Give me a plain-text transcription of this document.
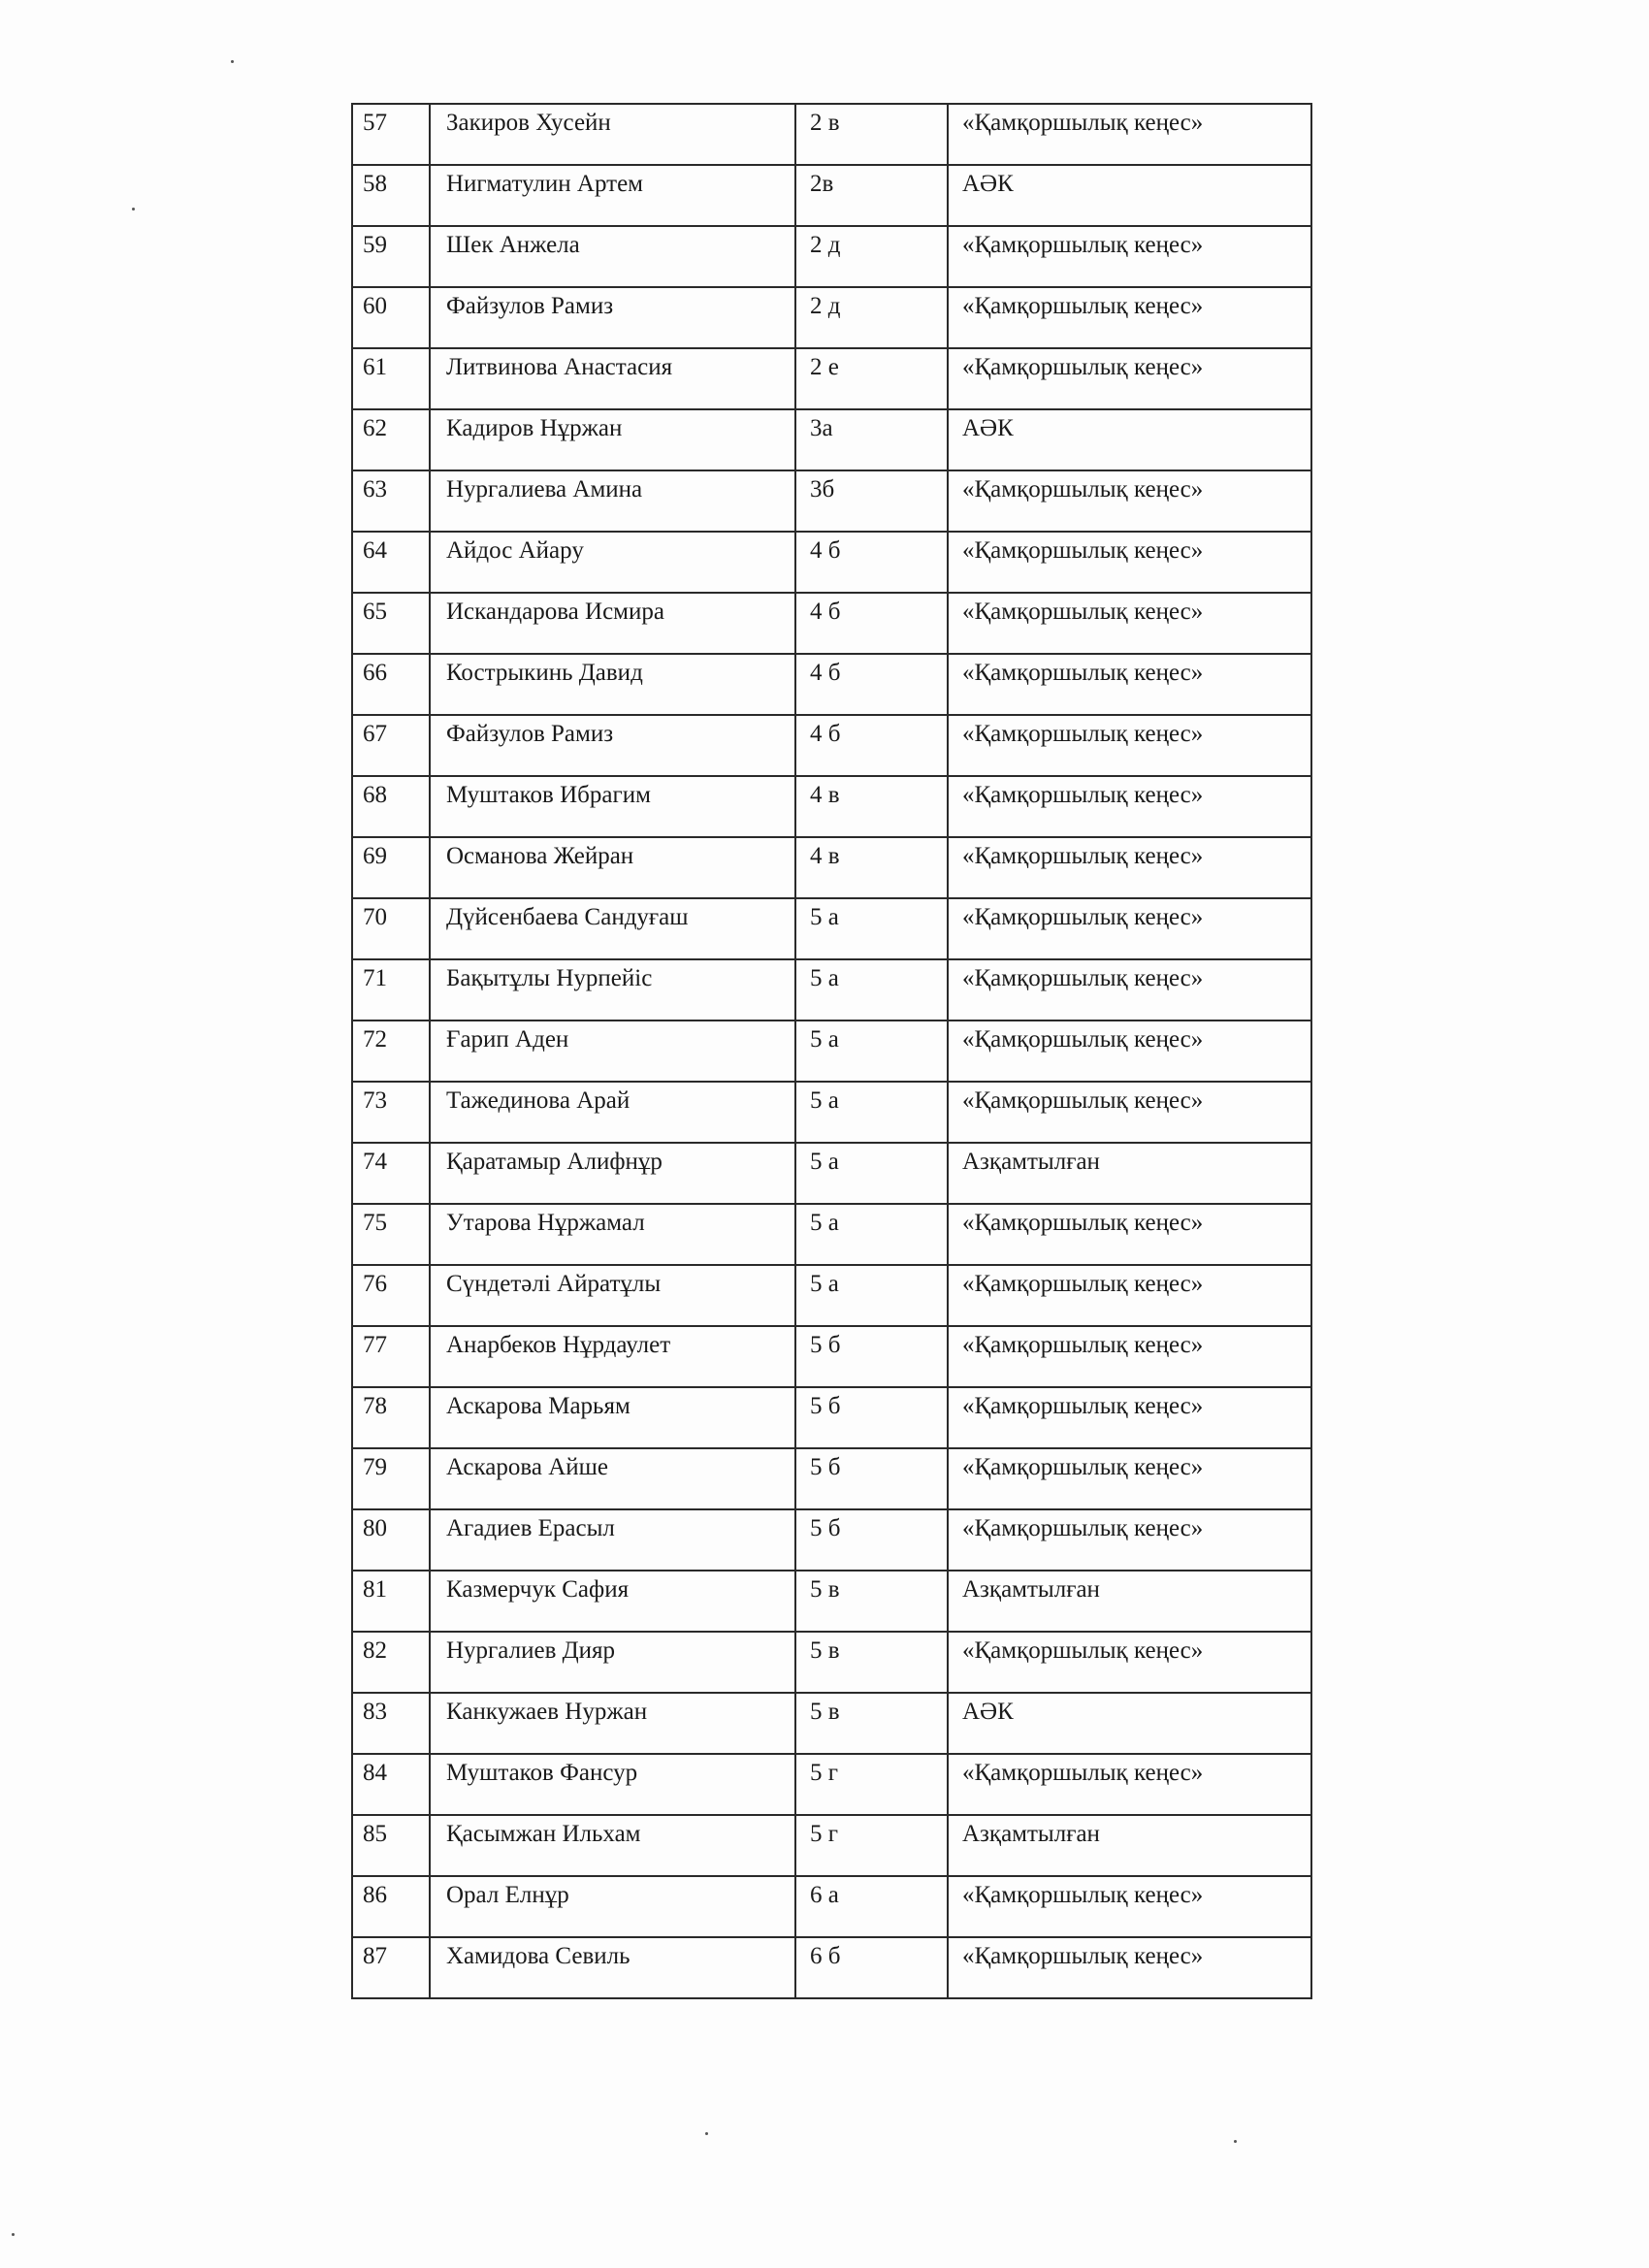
57	Закиров Хусейн	2 в	«Қамқоршылық кеңес»
58	Нигматулин Артем	2в	АӘК
59	Шек Анжела	2 д	«Қамқоршылық кеңес»
60	Файзулов Рамиз	2 д	«Қамқоршылық кеңес»
61	Литвинова Анастасия	2 е	«Қамқоршылық кеңес»
62	Кадиров Нұржан	3а	АӘК
63	Нургалиева Амина	3б	«Қамқоршылық кеңес»
64	Айдос Айару	4 б	«Қамқоршылық кеңес»
65	Искандарова Исмира	4 б	«Қамқоршылық кеңес»
66	Кострыкинь Давид	4 б	«Қамқоршылық кеңес»
67	Файзулов Рамиз	4 б	«Қамқоршылық кеңес»
68	Муштаков Ибрагим	4 в	«Қамқоршылық кеңес»
69	Османова Жейран	4 в	«Қамқоршылық кеңес»
70	Дүйсенбаева Сандуғаш	5 а	«Қамқоршылық кеңес»
71	Бақытұлы Нурпейіс	5 а	«Қамқоршылық кеңес»
72	Ғарип Аден	5 а	«Қамқоршылық кеңес»
73	Тажединова Арай	5 а	«Қамқоршылық кеңес»
74	Қаратамыр Алифнұр	5 а	Азқамтылған
75	Утарова Нұржамал	5 а	«Қамқоршылық кеңес»
76	Сүндетәлі Айратұлы	5 а	«Қамқоршылық кеңес»
77	Анарбеков Нұрдаулет	5 б	«Қамқоршылық кеңес»
78	Аскарова Марьям	5 б	«Қамқоршылық кеңес»
79	Аскарова Айше	5 б	«Қамқоршылық кеңес»
80	Агадиев Ерасыл	5 б	«Қамқоршылық кеңес»
81	Казмерчук Сафия	5 в	Азқамтылған
82	Нургалиев Дияр	5 в	«Қамқоршылық кеңес»
83	Канкужаев Нуржан	5 в	АӘК
84	Муштаков Фансур	5 г	«Қамқоршылық кеңес»
85	Қасымжан Ильхам	5 г	Азқамтылған
86	Орал Елнұр	6 а	«Қамқоршылық кеңес»
87	Хамидова Севиль	6 б	«Қамқоршылық кеңес»
